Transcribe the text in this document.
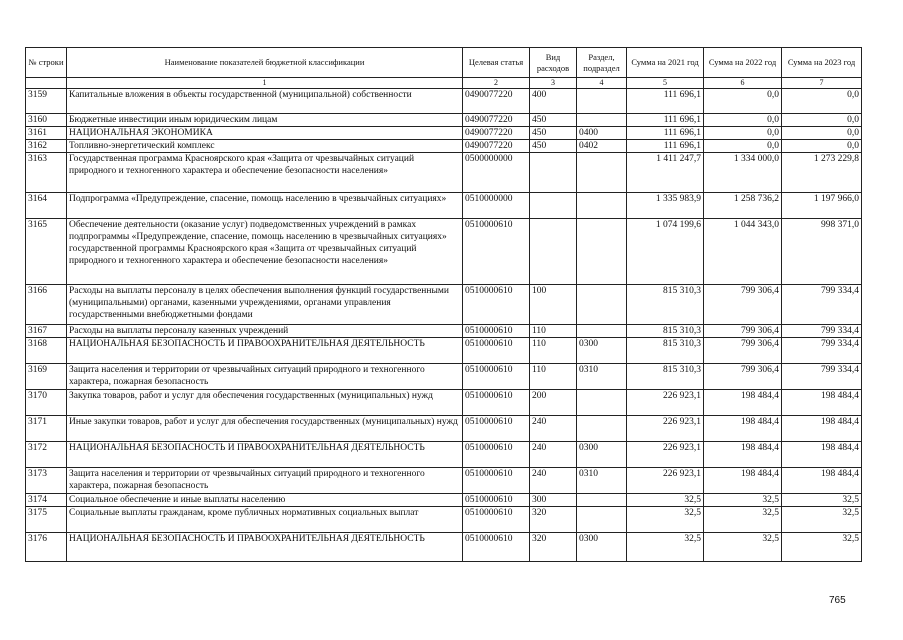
№ строки	Наименование показателей бюджетной классификации	Целевая статья	Вид расходов	Раздел, подраздел	Сумма на 2021 год	Сумма на 2022 год	Сумма на 2023 год
	1	2	3	4	5	6	7
3159	Капитальные вложения в объекты государственной (муниципальной) собственности	0490077220	400		111 696,1	0,0	0,0
3160	Бюджетные инвестиции иным юридическим лицам	0490077220	450		111 696,1	0,0	0,0
3161	НАЦИОНАЛЬНАЯ ЭКОНОМИКА	0490077220	450	0400	111 696,1	0,0	0,0
3162	Топливно-энергетический комплекс	0490077220	450	0402	111 696,1	0,0	0,0
3163	Государственная программа Красноярского края «Защита от чрезвычайных ситуаций природного и техногенного характера и обеспечение безопасности населения»	0500000000			1 411 247,7	1 334 000,0	1 273 229,8
3164	Подпрограмма «Предупреждение, спасение, помощь населению в чрезвычайных ситуациях»	0510000000			1 335 983,9	1 258 736,2	1 197 966,0
3165	Обеспечение деятельности (оказание услуг) подведомственных учреждений в рамках подпрограммы «Предупреждение, спасение, помощь населению в чрезвычайных ситуациях» государственной программы Красноярского края «Защита от чрезвычайных ситуаций природного и техногенного характера и обеспечение безопасности населения»	0510000610			1 074 199,6	1 044 343,0	998 371,0
3166	Расходы на выплаты персоналу в целях обеспечения выполнения функций государственными (муниципальными) органами, казенными учреждениями, органами управления государственными внебюджетными фондами	0510000610	100		815 310,3	799 306,4	799 334,4
3167	Расходы на выплаты персоналу казенных учреждений	0510000610	110		815 310,3	799 306,4	799 334,4
3168	НАЦИОНАЛЬНАЯ БЕЗОПАСНОСТЬ И ПРАВООХРАНИТЕЛЬНАЯ ДЕЯТЕЛЬНОСТЬ	0510000610	110	0300	815 310,3	799 306,4	799 334,4
3169	Защита населения и территории от чрезвычайных ситуаций природного и техногенного характера, пожарная безопасность	0510000610	110	0310	815 310,3	799 306,4	799 334,4
3170	Закупка товаров, работ и услуг для обеспечения государственных (муниципальных) нужд	0510000610	200		226 923,1	198 484,4	198 484,4
3171	Иные закупки товаров, работ и услуг для обеспечения государственных (муниципальных) нужд	0510000610	240		226 923,1	198 484,4	198 484,4
3172	НАЦИОНАЛЬНАЯ БЕЗОПАСНОСТЬ И ПРАВООХРАНИТЕЛЬНАЯ ДЕЯТЕЛЬНОСТЬ	0510000610	240	0300	226 923,1	198 484,4	198 484,4
3173	Защита населения и территории от чрезвычайных ситуаций природного и техногенного характера, пожарная безопасность	0510000610	240	0310	226 923,1	198 484,4	198 484,4
3174	Социальное обеспечение и иные выплаты населению	0510000610	300		32,5	32,5	32,5
3175	Социальные выплаты гражданам, кроме публичных нормативных социальных выплат	0510000610	320		32,5	32,5	32,5
3176	НАЦИОНАЛЬНАЯ БЕЗОПАСНОСТЬ И ПРАВООХРАНИТЕЛЬНАЯ ДЕЯТЕЛЬНОСТЬ	0510000610	320	0300	32,5	32,5	32,5
765
